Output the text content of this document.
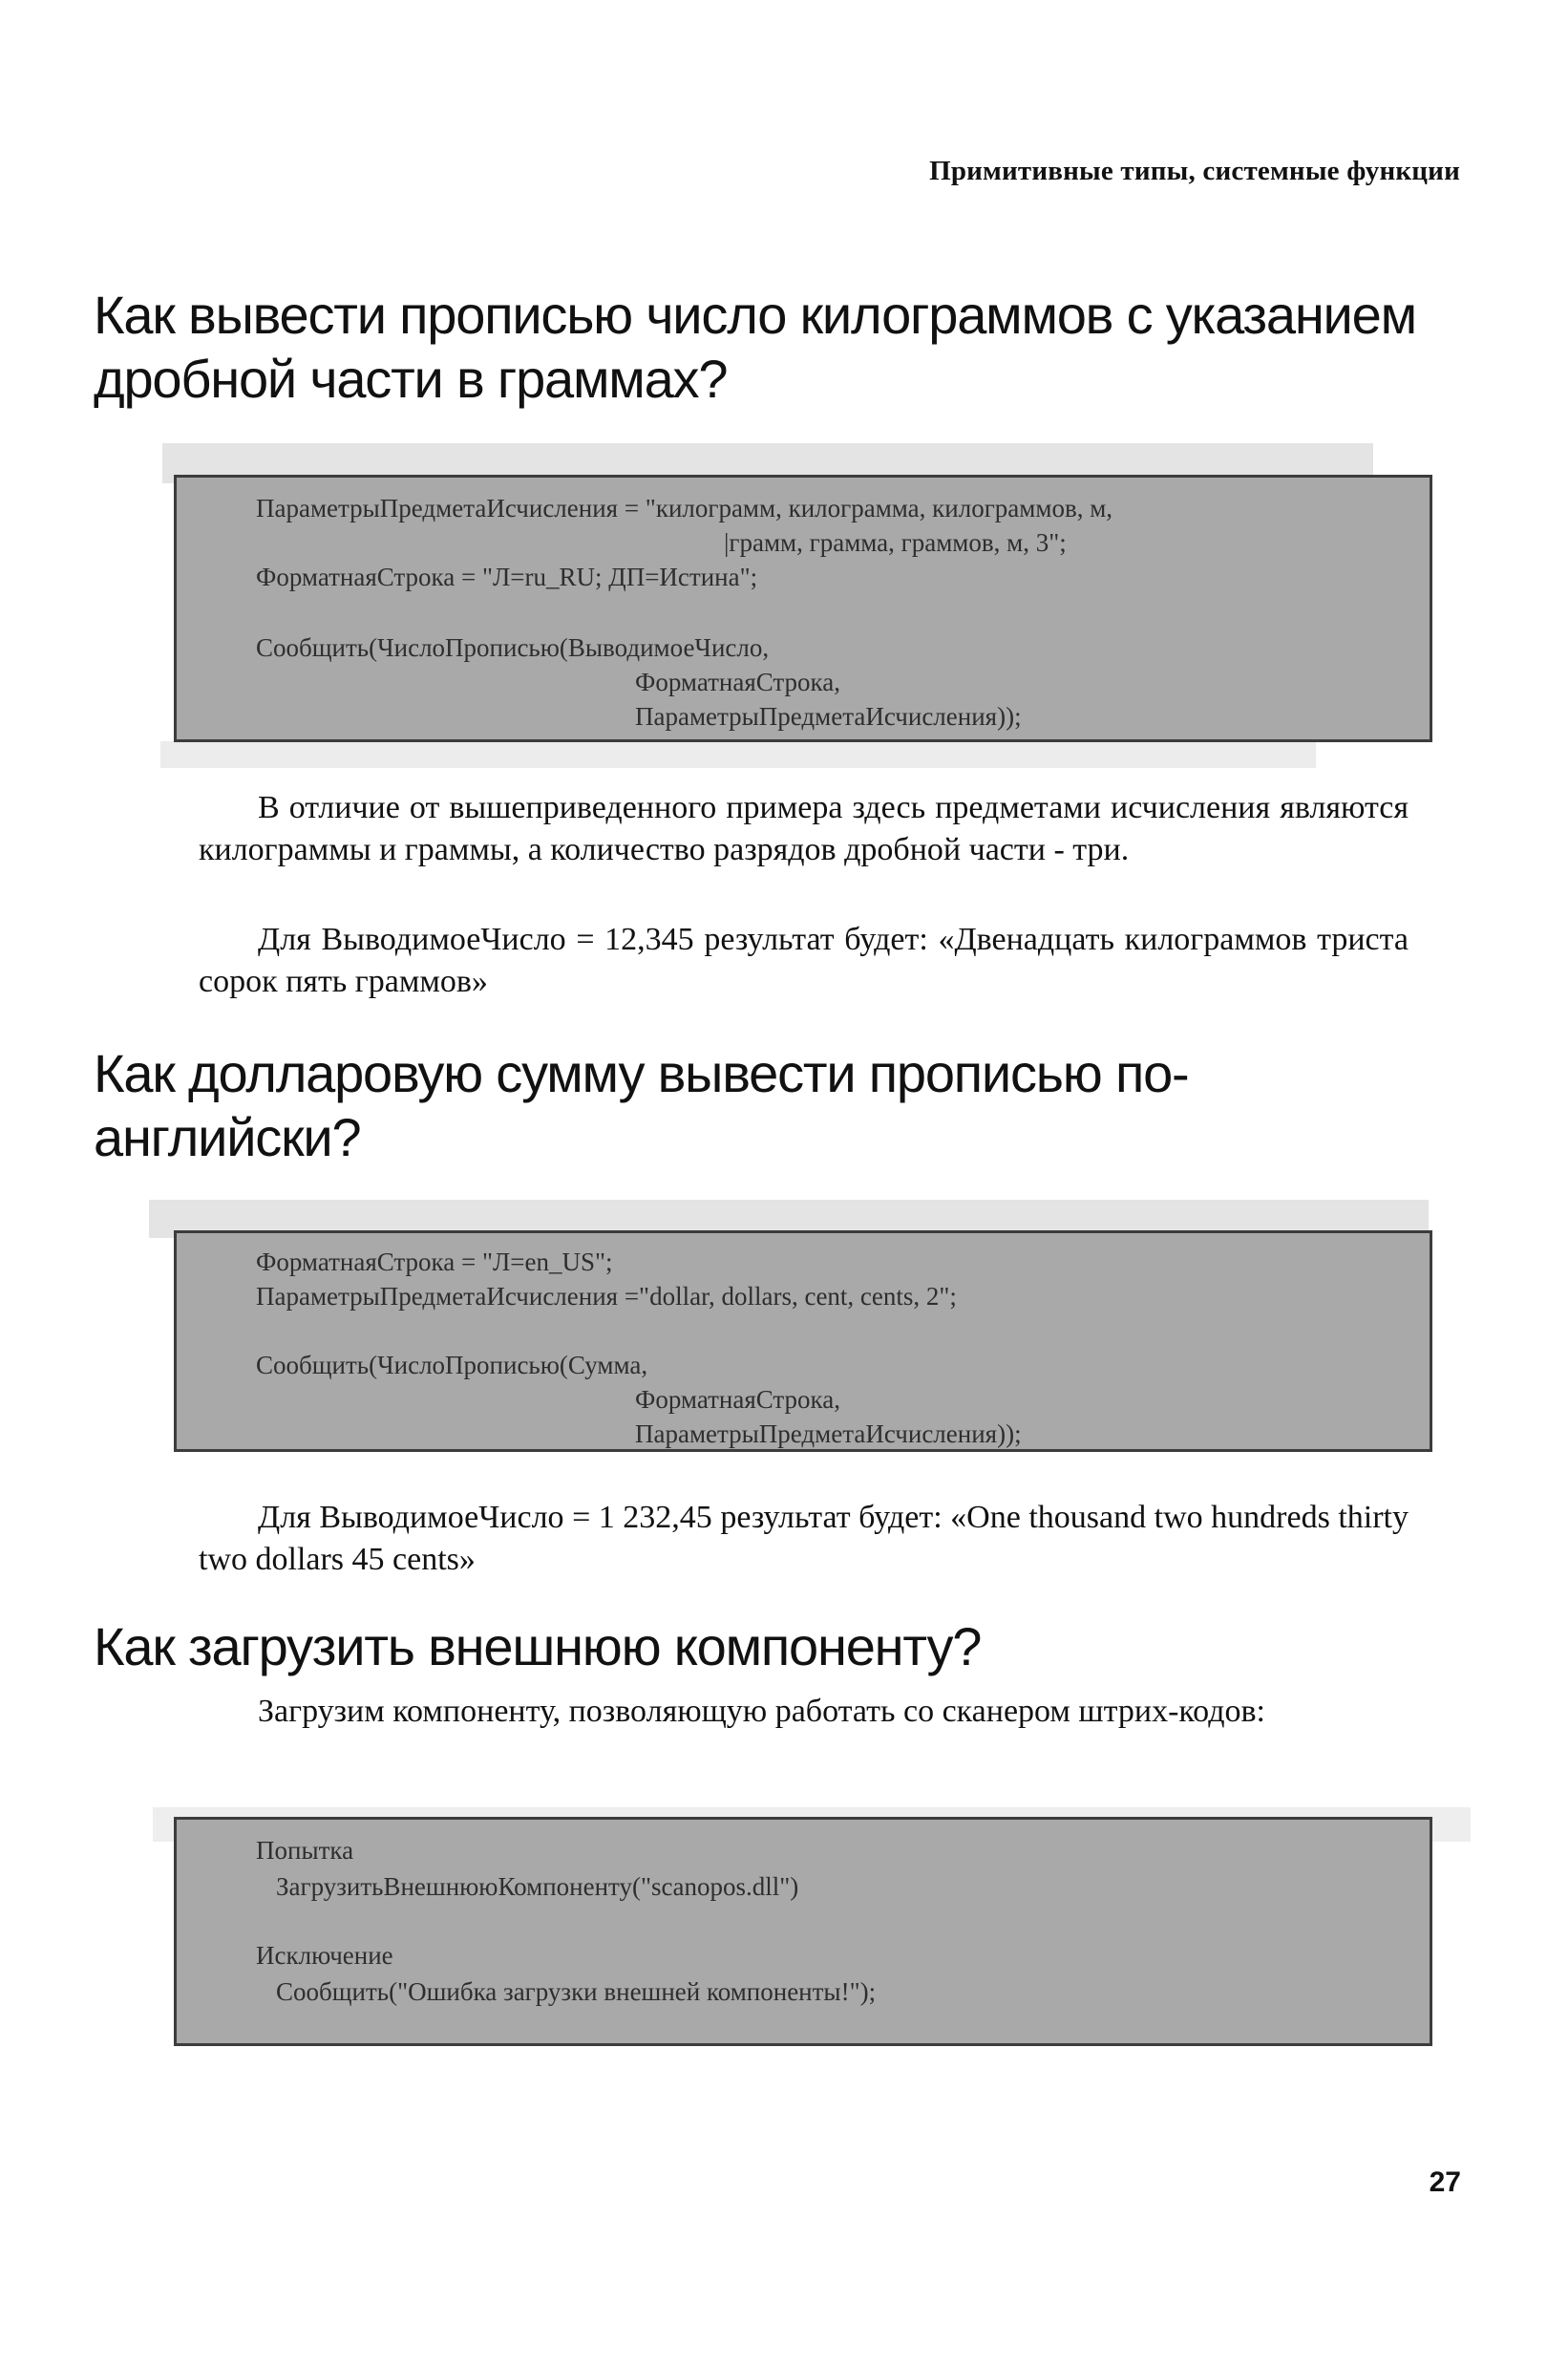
Примитивные типы, системные функции
Как вывести прописью число килограммов с указанием дробной части в граммах?
ПараметрыПредметаИсчисления = "килограмм, килограмма, килограммов, м,
|грамм, грамма, граммов, м, 3";
ФорматнаяСтрока = "Л=ru_RU; ДП=Истина";
Сообщить(ЧислоПрописью(ВыводимоеЧисло,
ФорматнаяСтрока,
ПараметрыПредметаИсчисления));

В отличие от вышеприведенного примера здесь предметами исчисления являются килограммы и граммы, а количество разрядов дробной части - три.

Для ВыводимоеЧисло = 12,345 результат будет: «Двенадцать килограммов триста сорок пять граммов»

Как долларовую сумму вывести прописью по-английски?
ФорматнаяСтрока = "Л=en_US";
ПараметрыПредметаИсчисления ="dollar, dollars, cent, cents, 2";
Сообщить(ЧислоПрописью(Сумма,
ФорматнаяСтрока,
ПараметрыПредметаИсчисления));

Для ВыводимоеЧисло = 1 232,45 результат будет: «One thousand two hundreds thirty two dollars 45 cents»

Как загрузить внешнюю компоненту?

Загрузим компоненту, позволяющую работать со сканером штрих-кодов:

Попытка
ЗагрузитьВнешнююКомпоненту("scanopos.dll")
Исключение
Сообщить("Ошибка загрузки внешней компоненты!");
27
